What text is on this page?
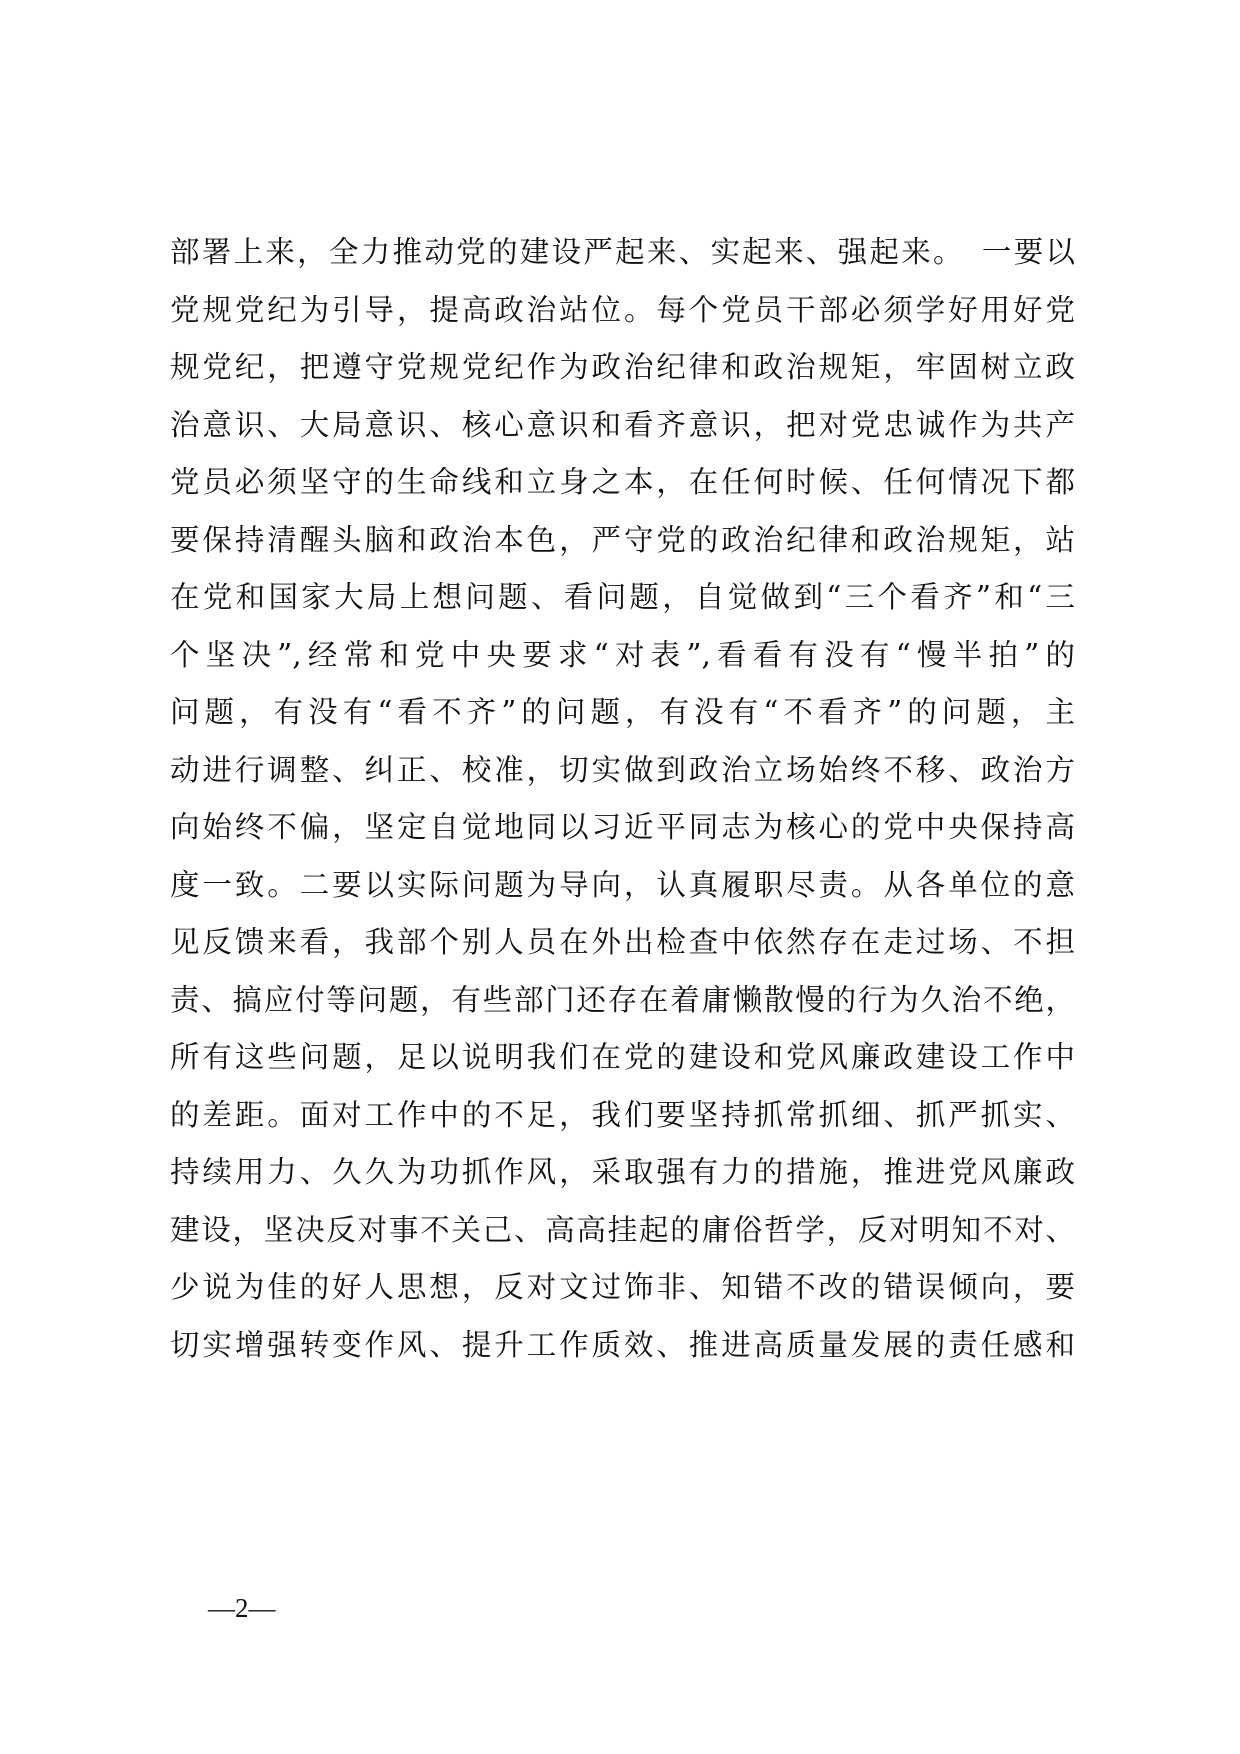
部署上来，全力推动党的建设严起来、实起来、强起来。　一要以
党规党纪为引导，提高政治站位。每个党员干部必须学好用好党
规党纪，把遵守党规党纪作为政治纪律和政治规矩，牢固树立政
治意识、大局意识、核心意识和看齐意识，把对党忠诚作为共产
党员必须坚守的生命线和立身之本，在任何时候、任何情况下都
要保持清醒头脑和政治本色，严守党的政治纪律和政治规矩，站
在党和国家大局上想问题、看问题，自觉做到“三个看齐”和“三
个坚决”,经常和党中央要求“对表”,看看有没有“慢半拍”的
问题，有没有“看不齐”的问题，有没有“不看齐”的问题，主
动进行调整、纠正、校准，切实做到政治立场始终不移、政治方
向始终不偏，坚定自觉地同以习近平同志为核心的党中央保持高
度一致。二要以实际问题为导向，认真履职尽责。从各单位的意
见反馈来看，我部个别人员在外出检查中依然存在走过场、不担
责、搞应付等问题，有些部门还存在着庸懒散慢的行为久治不绝，
所有这些问题，足以说明我们在党的建设和党风廉政建设工作中
的差距。面对工作中的不足，我们要坚持抓常抓细、抓严抓实、
持续用力、久久为功抓作风，采取强有力的措施，推进党风廉政
建设，坚决反对事不关己、高高挂起的庸俗哲学，反对明知不对、
少说为佳的好人思想，反对文过饰非、知错不改的错误倾向，要
切实增强转变作风、提升工作质效、推进高质量发展的责任感和
—2—
